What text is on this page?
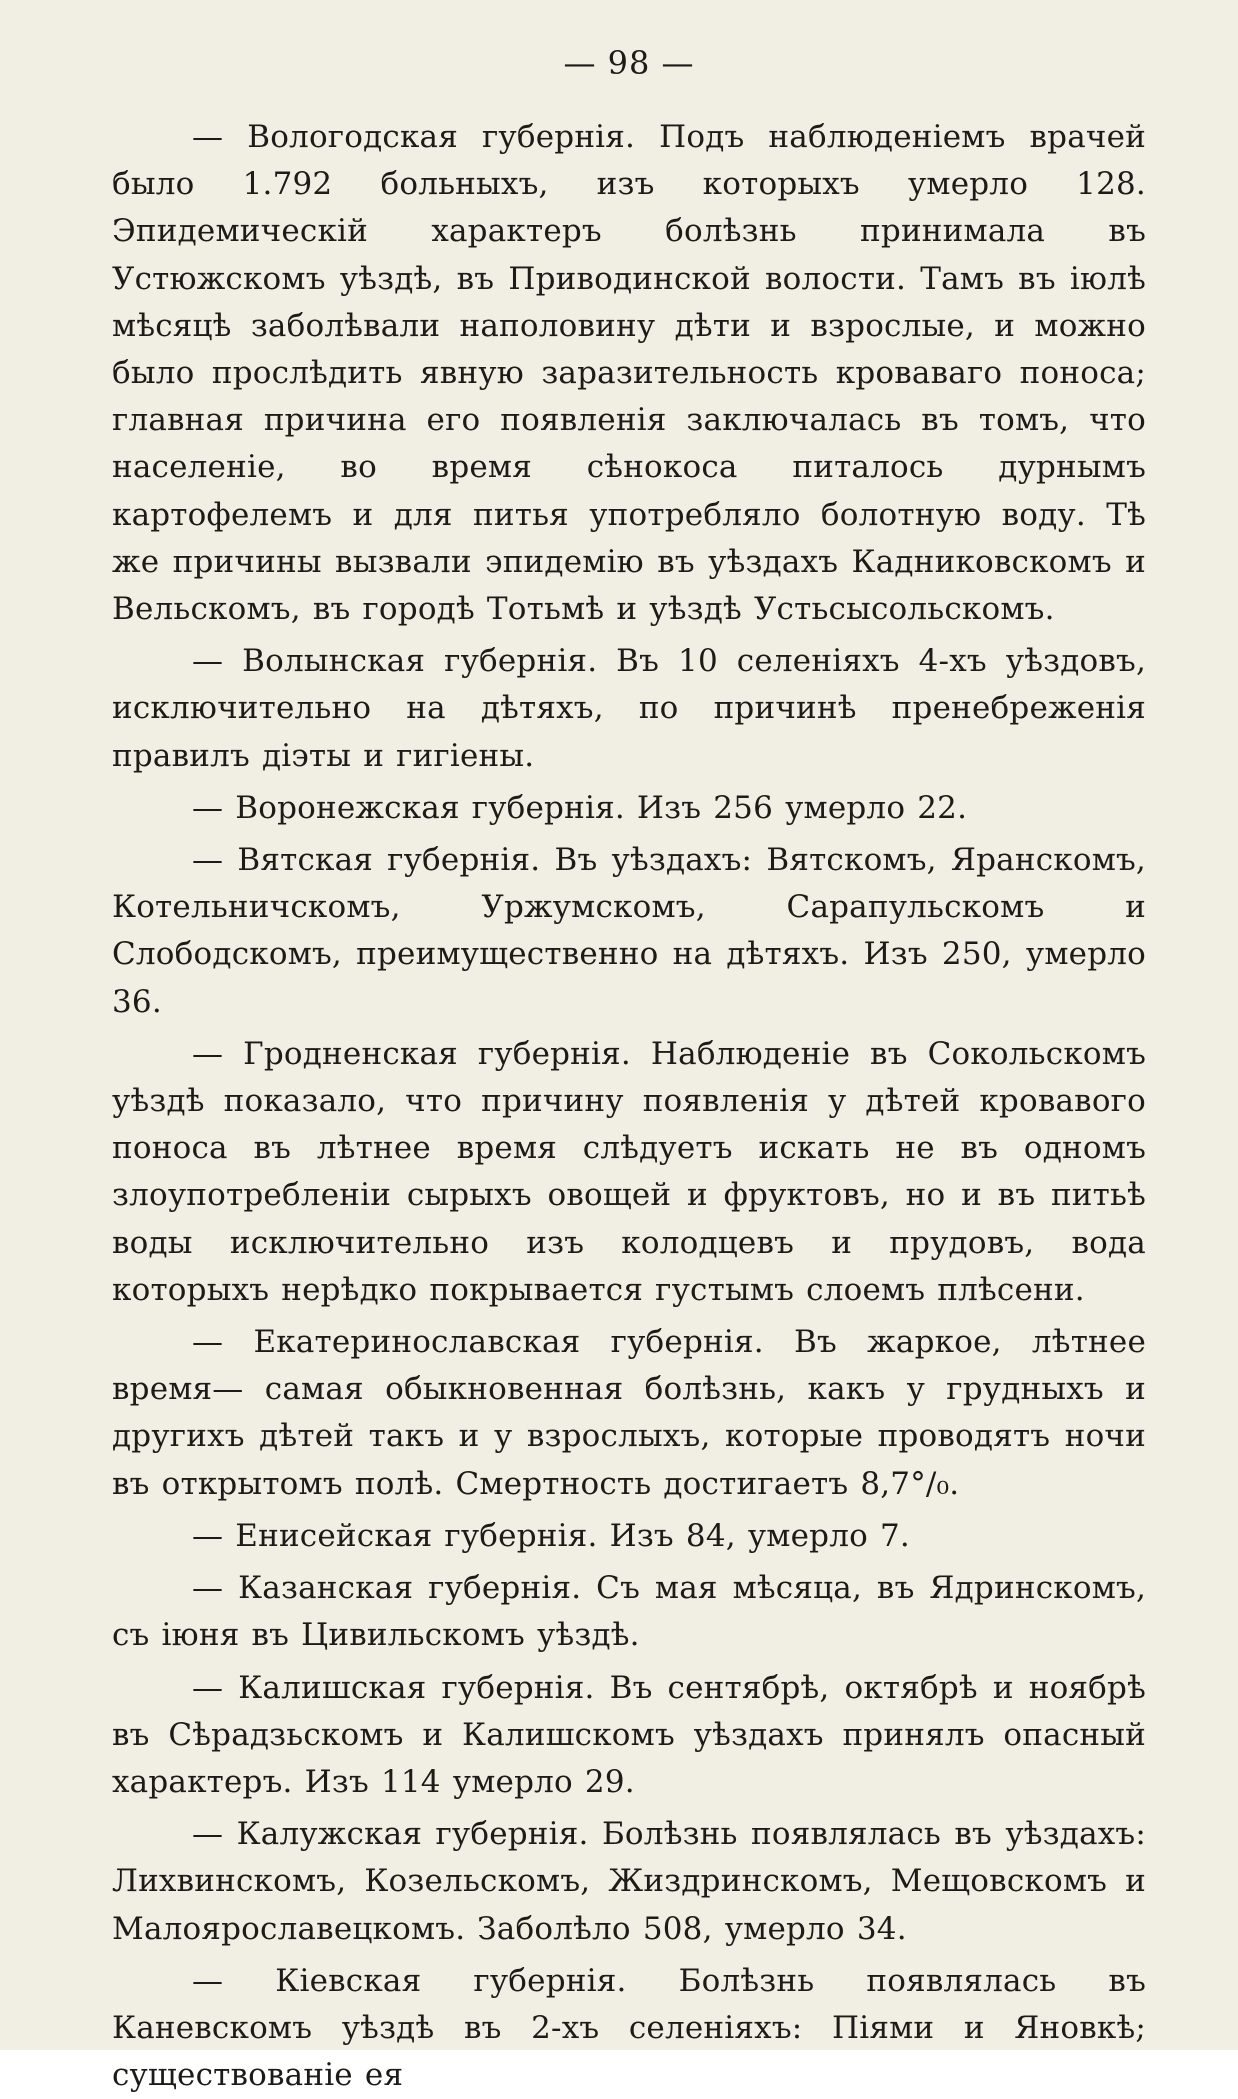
— 98 —

— Вологодская губернія. Подъ наблюденіемъ врачей было 1.792 больныхъ, изъ которыхъ умерло 128. Эпидемическій характеръ болѣзнь принимала въ Устюжскомъ уѣздѣ, въ Приводинской волости. Тамъ въ іюлѣ мѣсяцѣ заболѣвали наполовину дѣти и взрослые, и можно было прослѣдить явную заразительность кроваваго поноса; главная причина его появленія заключалась въ томъ, что населеніе, во время сѣнокоса питалось дурнымъ картофелемъ и для питья употребляло болотную воду. Тѣ же причины вызвали эпидемію въ уѣздахъ Кадниковскомъ и Вельскомъ, въ городѣ Тотьмѣ и уѣздѣ Устьсысольскомъ.

— Волынская губернія. Въ 10 селеніяхъ 4-хъ уѣздовъ, исключительно на дѣтяхъ, по причинѣ пренебреженія правилъ діэты и гигіены.

— Воронежская губернія. Изъ 256 умерло 22.

— Вятская губернія. Въ уѣздахъ: Вятскомъ, Яранскомъ, Котельничскомъ, Уржумскомъ, Сарапульскомъ и Слободскомъ, преимущественно на дѣтяхъ. Изъ 250, умерло 36.

— Гродненская губернія. Наблюденіе въ Сокольскомъ уѣздѣ показало, что причину появленія у дѣтей кровавого поноса въ лѣтнее время слѣдуетъ искать не въ одномъ злоупотребленіи сырыхъ овощей и фруктовъ, но и въ питьѣ воды исключительно изъ колодцевъ и прудовъ, вода которыхъ нерѣдко покрывается густымъ слоемъ плѣсени.

— Екатеринославская губернія. Въ жаркое, лѣтнее время— самая обыкновенная болѣзнь, какъ у грудныхъ и другихъ дѣтей такъ и у взрослыхъ, которые проводятъ ночи въ открытомъ полѣ. Смертность достигаетъ 8,7°/₀.

— Енисейская губернія. Изъ 84, умерло 7.

— Казанская губернія. Съ мая мѣсяца, въ Ядринскомъ, съ іюня въ Цивильскомъ уѣздѣ.

— Калишская губернія. Въ сентябрѣ, октябрѣ и ноябрѣ въ Сѣрадзьскомъ и Калишскомъ уѣздахъ принялъ опасный характеръ. Изъ 114 умерло 29.

— Калужская губернія. Болѣзнь появлялась въ уѣздахъ: Лихвинскомъ, Козельскомъ, Жиздринскомъ, Мещовскомъ и Малоярославецкомъ. Заболѣло 508, умерло 34.

— Кіевская губернія. Болѣзнь появлялась въ Каневскомъ уѣздѣ въ 2-хъ селеніяхъ: Піями и Яновкѣ; существованіе ея
